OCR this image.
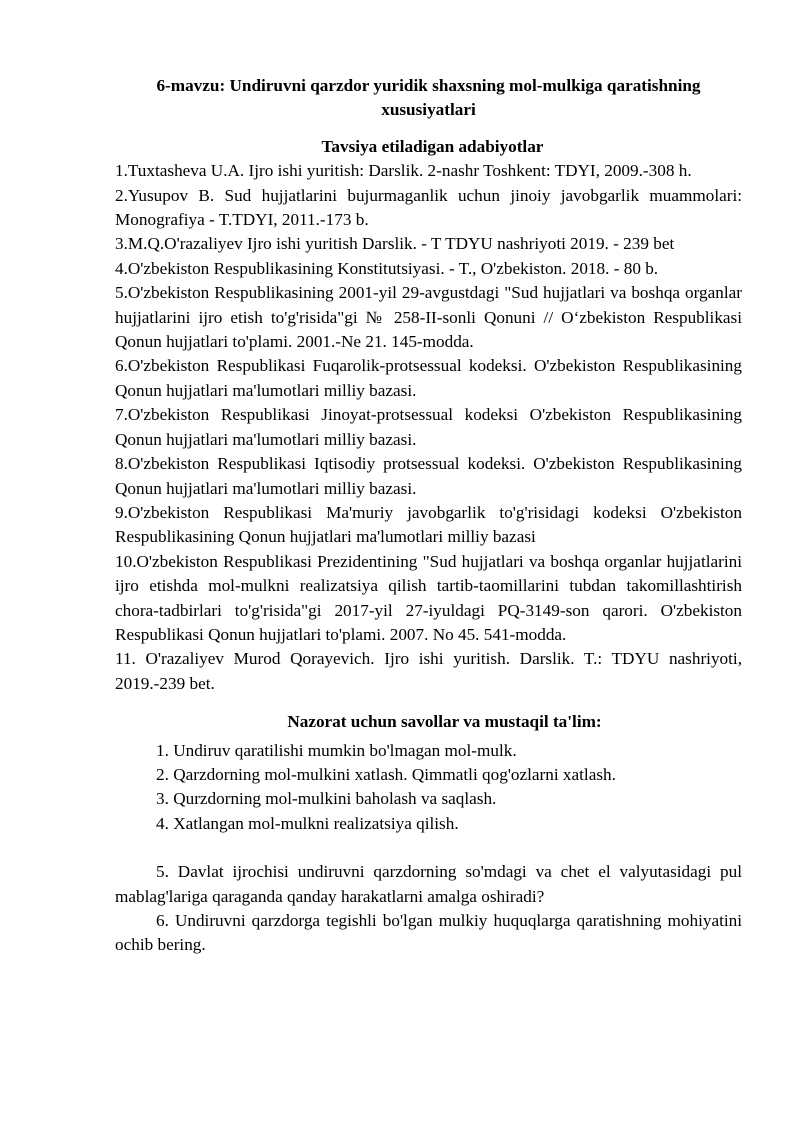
6-mavzu: Undiruvni qarzdor yuridik shaxsning mol-mulkiga qaratishning xususiyatlari

Tavsiya etiladigan adabiyotlar

1.Tuxtasheva U.A. Ijro ishi yuritish: Darslik. 2-nashr Toshkent: TDYI, 2009.-308 h.

2.Yusupov B. Sud hujjatlarini bujurmaganlik uchun jinoiy javobgarlik muammolari: Monografiya - T.TDYI, 2011.-173 b.

3.M.Q.O'razaliyev Ijro ishi yuritish Darslik. - T TDYU nashriyoti 2019. - 239 bet

4.O'zbekiston Respublikasining Konstitutsiyasi. - T., O'zbekiston. 2018. - 80 b.

5.O'zbekiston Respublikasining 2001-yil 29-avgustdagi "Sud hujjatlari va boshqa organlar hujjatlarini ijro etish to'g'risida"gi № 258-II-sonli Qonuni // O‘zbekiston Respublikasi Qonun hujjatlari to'plami. 2001.-Ne 21. 145-modda.

6.O'zbekiston Respublikasi Fuqarolik-protsessual kodeksi. O'zbekiston Respublikasining Qonun hujjatlari ma'lumotlari milliy bazasi.

7.O'zbekiston Respublikasi Jinoyat-protsessual kodeksi O'zbekiston Respublikasining Qonun hujjatlari ma'lumotlari milliy bazasi.

8.O'zbekiston Respublikasi Iqtisodiy protsessual kodeksi. O'zbekiston Respublikasining Qonun hujjatlari ma'lumotlari milliy bazasi.

9.O'zbekiston Respublikasi Ma'muriy javobgarlik to'g'risidagi kodeksi O'zbekiston Respublikasining Qonun hujjatlari ma'lumotlari milliy bazasi

10.O'zbekiston Respublikasi Prezidentining "Sud hujjatlari va boshqa organlar hujjatlarini ijro etishda mol-mulkni realizatsiya qilish tartib-taomillarini tubdan takomillashtirish chora-tadbirlari to'g'risida"gi 2017-yil 27-iyuldagi PQ-3149-son qarori. O'zbekiston Respublikasi Qonun hujjatlari to'plami. 2007. No 45. 541-modda.

11. O'razaliyev Murod Qorayevich. Ijro ishi yuritish. Darslik. T.: TDYU nashriyoti, 2019.-239 bet.

Nazorat uchun savollar va mustaqil ta'lim:

1. Undiruv qaratilishi mumkin bo'lmagan mol-mulk.
2. Qarzdorning mol-mulkini xatlash. Qimmatli qog'ozlarni xatlash.
3. Qurzdorning mol-mulkini baholash va saqlash.
4. Xatlangan mol-mulkni realizatsiya qilish.

5. Davlat ijrochisi undiruvni qarzdorning so'mdagi va chet el valyutasidagi pul mablag'lariga qaraganda qanday harakatlarni amalga oshiradi?

6. Undiruvni qarzdorga tegishli bo'lgan mulkiy huquqlarga qaratishning mohiyatini ochib bering.
